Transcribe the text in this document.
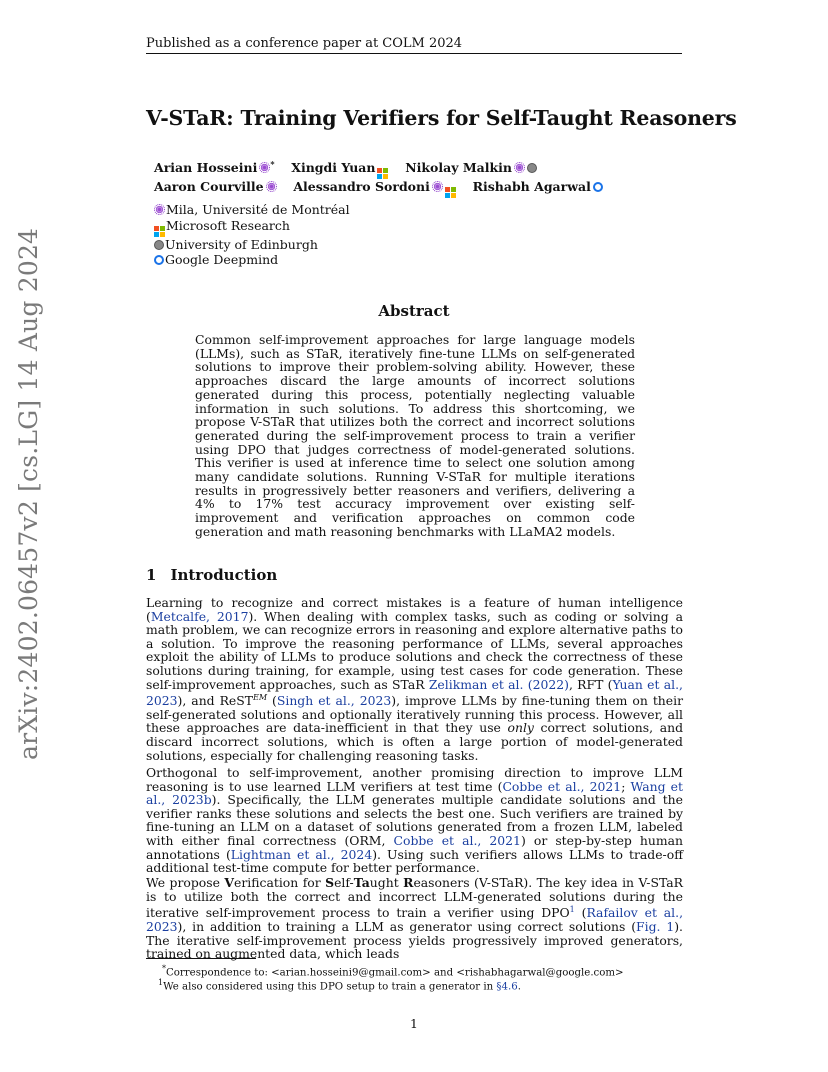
Published as a conference paper at COLM 2024
arXiv:2402.06457v2 [cs.LG] 14 Aug 2024
V-STaR: Training Verifiers for Self-Taught Reasoners
Arian Hosseini * Xingdi Yuan Nikolay Malkin
Aaron Courville Alessandro Sordoni	Rishabh Agarwal
Mila, Université de Montréal
Microsoft Research
University of Edinburgh
Google Deepmind
Abstract
Common self-improvement approaches for large language models (LLMs), such as STaR, iteratively fine-tune LLMs on self-generated solutions to improve their problem-solving ability. However, these approaches discard the large amounts of incorrect solutions generated during this process, potentially neglecting valuable information in such solutions. To address this shortcoming, we propose V-STaR that utilizes both the correct and incorrect solutions generated during the self-improvement process to train a verifier using DPO that judges correctness of model-generated solutions. This verifier is used at inference time to select one solution among many candidate solutions. Running V-STaR for multiple iterations results in progressively better reasoners and verifiers, delivering a 4% to 17% test accuracy improvement over existing self-improvement and verification approaches on common code generation and math reasoning benchmarks with LLaMA2 models.
1 Introduction
Learning to recognize and correct mistakes is a feature of human intelligence (Metcalfe, 2017). When dealing with complex tasks, such as coding or solving a math problem, we can recognize errors in reasoning and explore alternative paths to a solution. To improve the reasoning performance of LLMs, several approaches exploit the ability of LLMs to produce solutions and check the correctness of these solutions during training, for example, using test cases for code generation. These self-improvement approaches, such as STaR Zelikman et al. (2022), RFT (Yuan et al., 2023), and ReST$^{EM}$ (Singh et al., 2023), improve LLMs by fine-tuning them on their self-generated solutions and optionally iteratively running this process. However, all these approaches are data-inefficient in that they use only correct solutions, and discard incorrect solutions, which is often a large portion of model-generated solutions, especially for challenging reasoning tasks.
Orthogonal to self-improvement, another promising direction to improve LLM reasoning is to use learned LLM verifiers at test time (Cobbe et al., 2021; Wang et al., 2023b). Specifically, the LLM generates multiple candidate solutions and the verifier ranks these solutions and selects the best one. Such verifiers are trained by fine-tuning an LLM on a dataset of solutions generated from a frozen LLM, labeled with either final correctness (ORM, Cobbe et al., 2021) or step-by-step human annotations (Lightman et al., 2024). Using such verifiers allows LLMs to trade-off additional test-time compute for better performance.
We propose Verification for Self-Taught Reasoners (V-STaR). The key idea in V-STaR is to utilize both the correct and incorrect LLM-generated solutions during the iterative self-improvement process to train a verifier using DPO$^1$ (Rafailov et al., 2023), in addition to training a LLM as generator using correct solutions (Fig. 1). The iterative self-improvement process yields progressively improved generators, trained on augmented data, which leads
*Correspondence to: <arian.hosseini9@gmail.com> and <rishabhagarwal@google.com>
$^1$We also considered using this DPO setup to train a generator in §4.6.
1
